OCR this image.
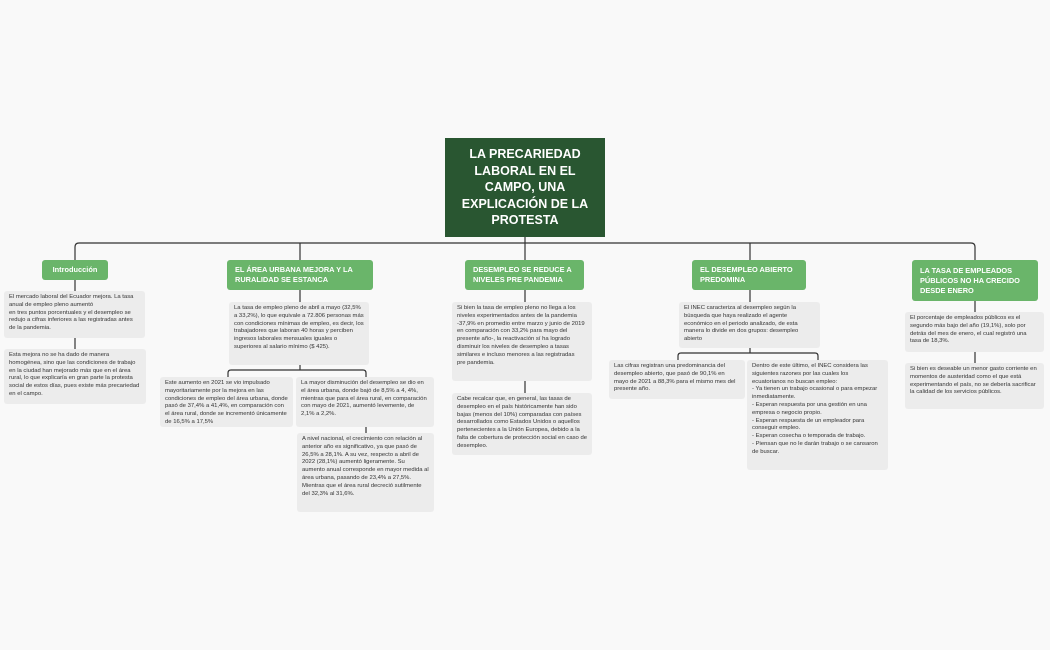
LA PRECARIEDAD LABORAL EN EL CAMPO, UNA EXPLICACIÓN DE LA PROTESTA
Introducción
El mercado laboral del Ecuador mejora. La tasa anual de empleo pleno aumentó
en tres puntos porcentuales y el desempleo se redujo a cifras inferiores a las registradas antes de la pandemia.
Esta mejora no se ha dado de manera homogénea, sino que las condiciones de trabajo en la ciudad han mejorado más que en el área rural, lo que explicaría en gran parte la protesta social de estos días, pues existe más precariedad en el campo.
EL ÁREA URBANA MEJORA Y LA RURALIDAD SE ESTANCA
La tasa de empleo pleno de abril a mayo (32,5% a 33,2%), lo que equivale a 72.806 personas más con condiciones mínimas de empleo, es decir, los trabajadores que laboran 40 horas y perciben ingresos laborales mensuales iguales o superiores al salario mínimo ($ 425).
Este aumento en 2021 se vio impulsado mayoritariamente por la mejora en las condiciones de empleo del área urbana, donde pasó de 37,4% a 41,4%, en comparación con el área rural, donde se incrementó únicamente de 16,5% a 17,5%
La mayor disminución del desempleo se dio en el área urbana, donde bajó de 8,5% a 4, 4%, mientras que para el área rural, en comparación con mayo de 2021, aumentó levemente, de 2,1% a 2,2%.
A nivel nacional, el crecimiento con relación al anterior año es significativo, ya que pasó de 26,5% a 28,1%. A su vez, respecto a abril de 2022 (28,1%) aumentó ligeramente. Su aumento anual corresponde en mayor medida al área urbana, pasando de 23,4% a 27,5%. Mientras que el área rural decreció sutilmente del 32,3% al 31,6%.
DESEMPLEO SE REDUCE A NIVELES PRE PANDEMIA
Si bien la tasa de empleo pleno no llega a los niveles experimentados antes de la pandemia -37,9% en promedio entre marzo y junio de 2019 en comparación con 33,2% para mayo del presente año-, la reactivación sí ha logrado disminuir los niveles de desempleo a tasas similares e incluso menores a las registradas
pre pandemia.
Cabe recalcar que, en general, las tasas de desempleo en el país históricamente han sido bajas (menos del 10%) comparadas con países desarrollados como Estados Unidos o aquellos pertenecientes a la Unión Europea, debido a la falta de cobertura de protección social en caso de desempleo.
EL DESEMPLEO ABIERTO PREDOMINA
El INEC caracteriza al desempleo según la búsqueda que haya realizado el agente económico en el periodo analizado, de esta manera lo divide en dos grupos: desempleo abierto
Las cifras registran una predominancia del desempleo abierto, que pasó de 90,1% en mayo de 2021 a 88,3% para el mismo mes del presente año.
Dentro de este último, el INEC considera las siguientes razones por las cuales los ecuatorianos no buscan empleo:
- Ya tienen un trabajo ocasional o para empezar inmediatamente.
- Esperan respuesta por una gestión en una empresa o negocio propio.
- Esperan respuesta de un empleador para conseguir empleo.
- Esperan cosecha o temporada de trabajo.
- Piensan que no le darán trabajo o se cansaron de buscar.
LA TASA DE EMPLEADOS PÚBLICOS NO HA CRECIDO DESDE ENERO
El porcentaje de empleados públicos es el segundo más bajo del año (19,1%), solo por detrás del mes de enero, el cual registró una tasa de 18,3%.
Si bien es deseable un menor gasto corriente en momentos de austeridad como el que está experimentando el país, no se debería sacrificar la calidad de los servicios públicos.
